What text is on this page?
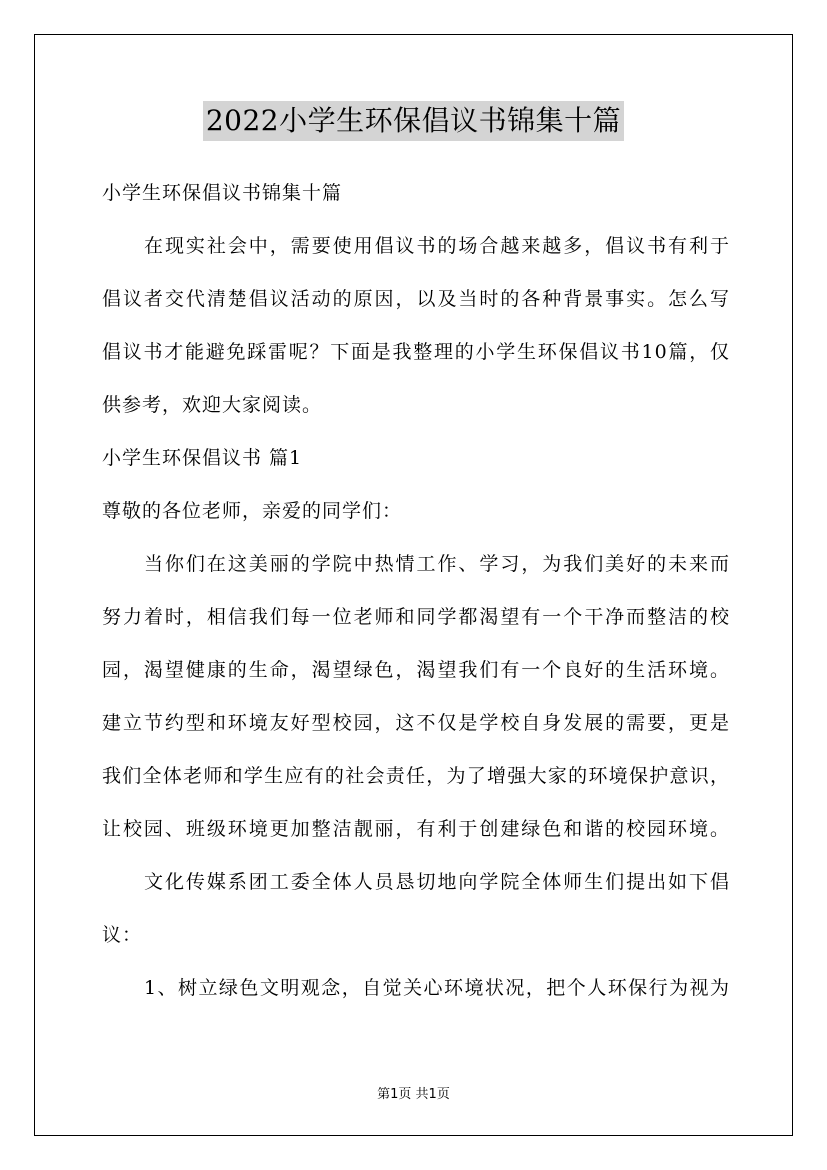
2022小学生环保倡议书锦集十篇
小学生环保倡议书锦集十篇
在现实社会中，需要使用倡议书的场合越来越多，倡议书有利于
倡议者交代清楚倡议活动的原因，以及当时的各种背景事实。怎么写
倡议书才能避免踩雷呢？下面是我整理的小学生环保倡议书10篇，仅
供参考，欢迎大家阅读。
小学生环保倡议书 篇1
尊敬的各位老师，亲爱的同学们：
当你们在这美丽的学院中热情工作、学习，为我们美好的未来而
努力着时，相信我们每一位老师和同学都渴望有一个干净而整洁的校
园，渴望健康的生命，渴望绿色，渴望我们有一个良好的生活环境。
建立节约型和环境友好型校园，这不仅是学校自身发展的需要，更是
我们全体老师和学生应有的社会责任，为了增强大家的环境保护意识，
让校园、班级环境更加整洁靓丽，有利于创建绿色和谐的校园环境。
文化传媒系团工委全体人员恳切地向学院全体师生们提出如下倡
议：
1、树立绿色文明观念，自觉关心环境状况，把个人环保行为视为
第1页 共1页
